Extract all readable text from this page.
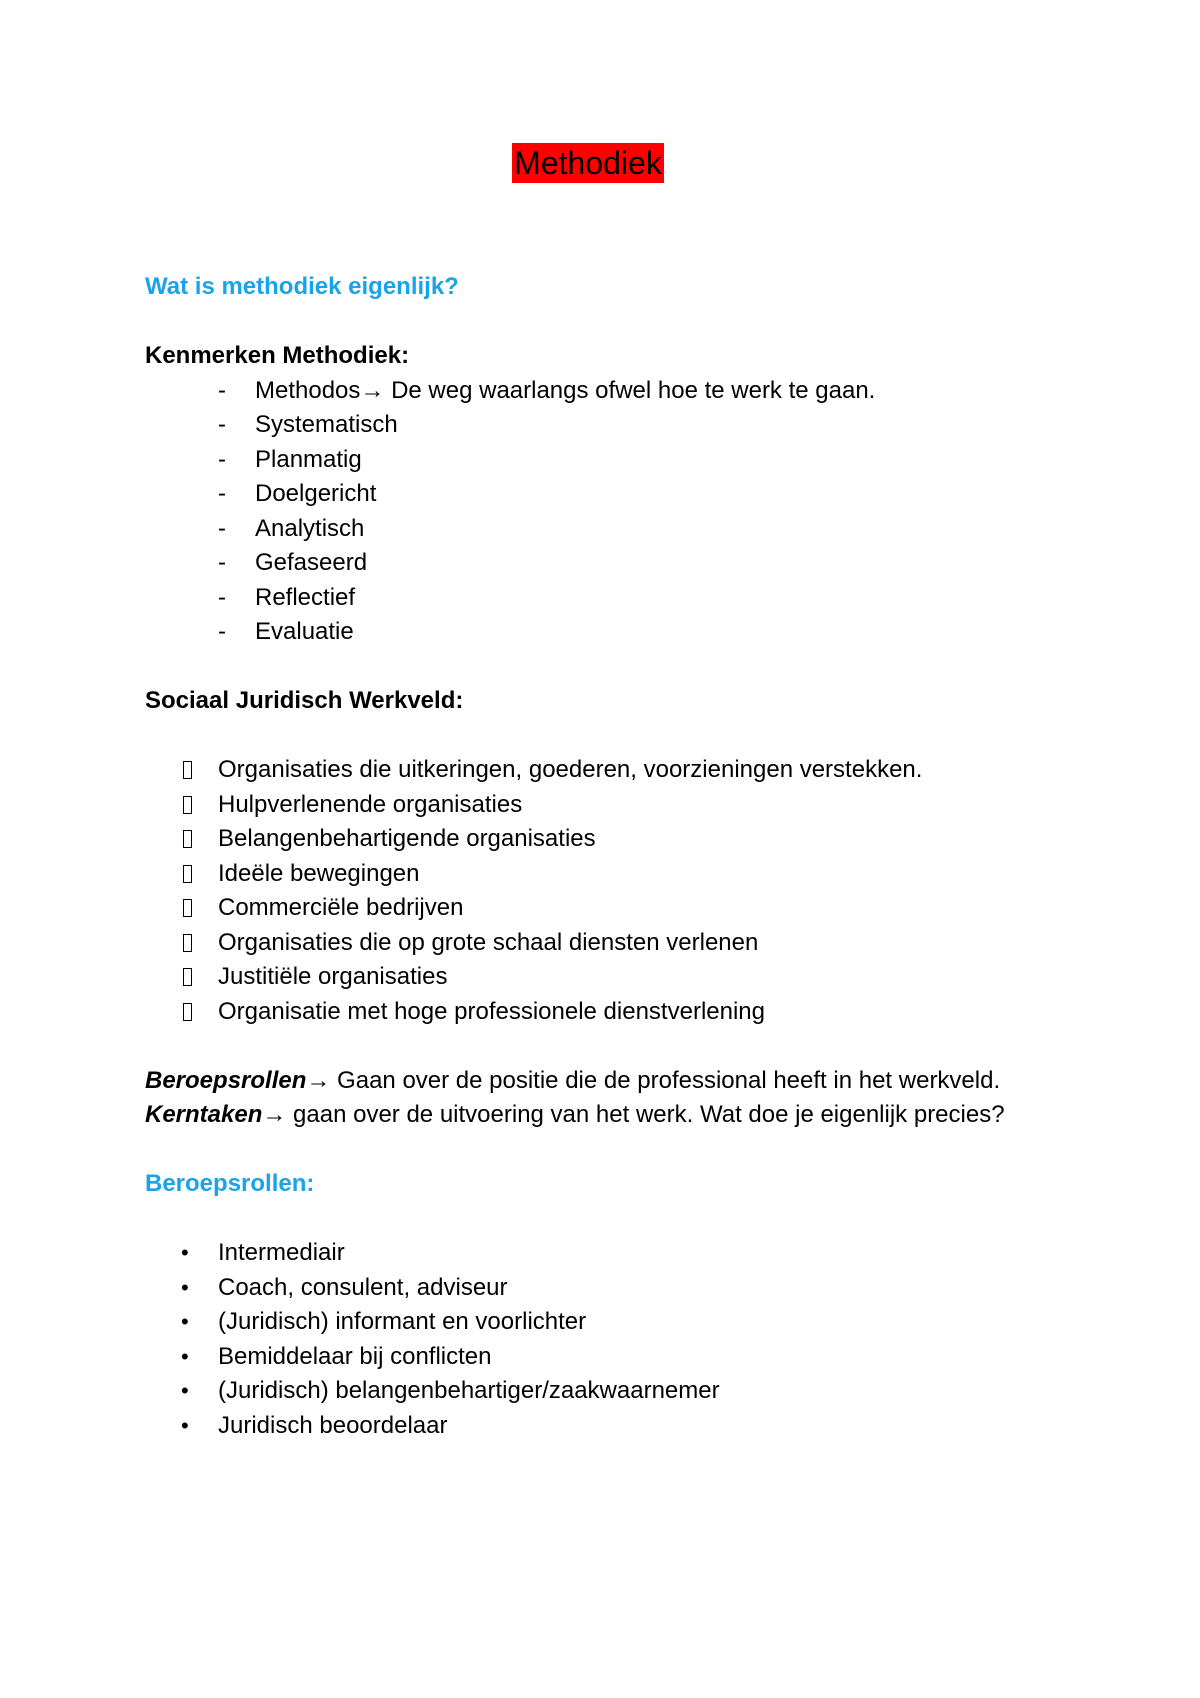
Methodiek
Wat is methodiek eigenlijk?
Kenmerken Methodiek:
- Methodos→ De weg waarlangs ofwel hoe te werk te gaan.
- Systematisch
- Planmatig
- Doelgericht
- Analytisch
- Gefaseerd
- Reflectief
- Evaluatie
Sociaal Juridisch Werkveld:
Organisaties die uitkeringen, goederen, voorzieningen verstekken.
Hulpverlenende organisaties
Belangenbehartigende organisaties
Ideële bewegingen
Commerciële bedrijven
Organisaties die op grote schaal diensten verlenen
Justitiële organisaties
Organisatie met hoge professionele dienstverlening
Beroepsrollen→ Gaan over de positie die de professional heeft in het werkveld.
Kerntaken→ gaan over de uitvoering van het werk. Wat doe je eigenlijk precies?
Beroepsrollen:
• Intermediair
• Coach, consulent, adviseur
• (Juridisch) informant en voorlichter
• Bemiddelaar bij conflicten
• (Juridisch) belangenbehartiger/zaakwaarnemer
• Juridisch beoordelaar
